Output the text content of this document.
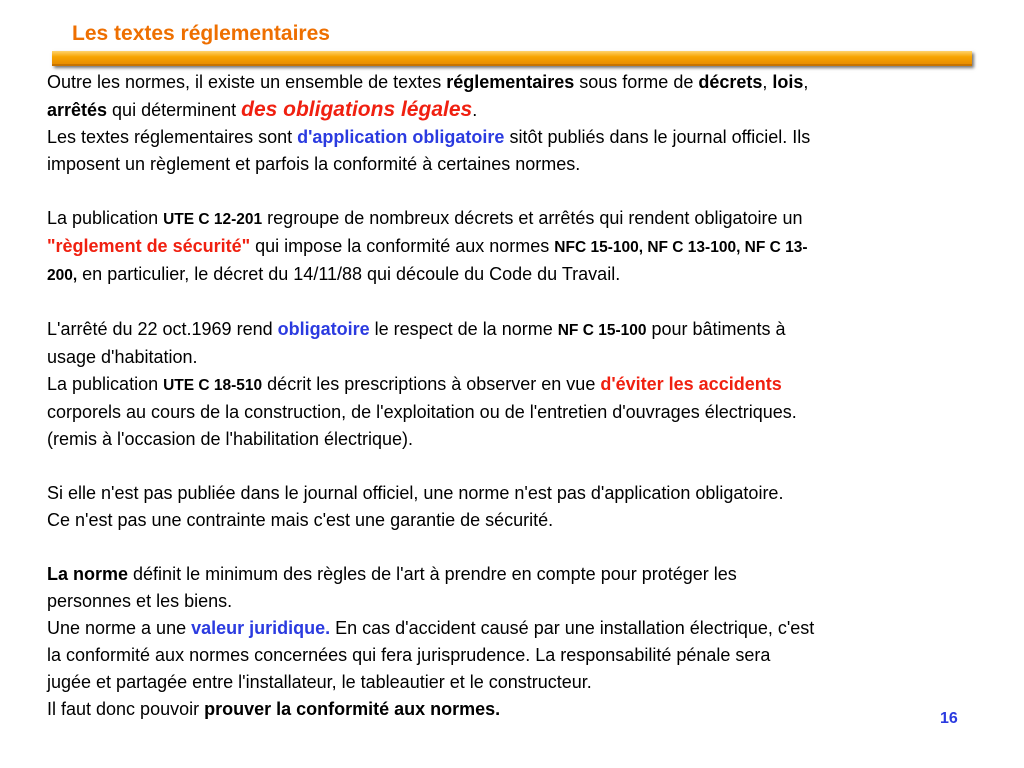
Les textes réglementaires

Outre les normes, il existe un ensemble de textes réglementaires sous forme de décrets, lois,

arrêtés qui déterminent des obligations légales.

Les textes réglementaires sont d'application obligatoire sitôt publiés dans le journal officiel. Ils

imposent un règlement et parfois la conformité à certaines normes.

La publication UTE C 12-201 regroupe de nombreux décrets et arrêtés qui rendent obligatoire un

"règlement de sécurité" qui impose la conformité aux normes NFC 15-100, NF C 13-100, NF C 13-

200, en particulier, le décret du 14/11/88 qui découle du Code du Travail.

L'arrêté du 22 oct.1969 rend obligatoire le respect de la norme NF C 15-100 pour bâtiments à

usage d'habitation.

La publication UTE C 18-510 décrit les prescriptions à observer en vue d'éviter les accidents

corporels au cours de la construction, de l'exploitation ou de l'entretien d'ouvrages électriques.

(remis à l'occasion de l'habilitation électrique).

Si elle n'est pas publiée dans le journal officiel, une norme n'est pas d'application obligatoire.

Ce n'est pas une contrainte mais c'est une garantie de sécurité.

La norme définit le minimum des règles de l'art à prendre en compte pour protéger les

personnes et les biens.

Une norme a une valeur juridique. En cas d'accident causé par une installation électrique, c'est

la conformité aux normes concernées qui fera jurisprudence. La responsabilité pénale sera

jugée et partagée entre l'installateur, le tableautier et le constructeur.

Il faut donc pouvoir prouver la conformité aux normes.	16
